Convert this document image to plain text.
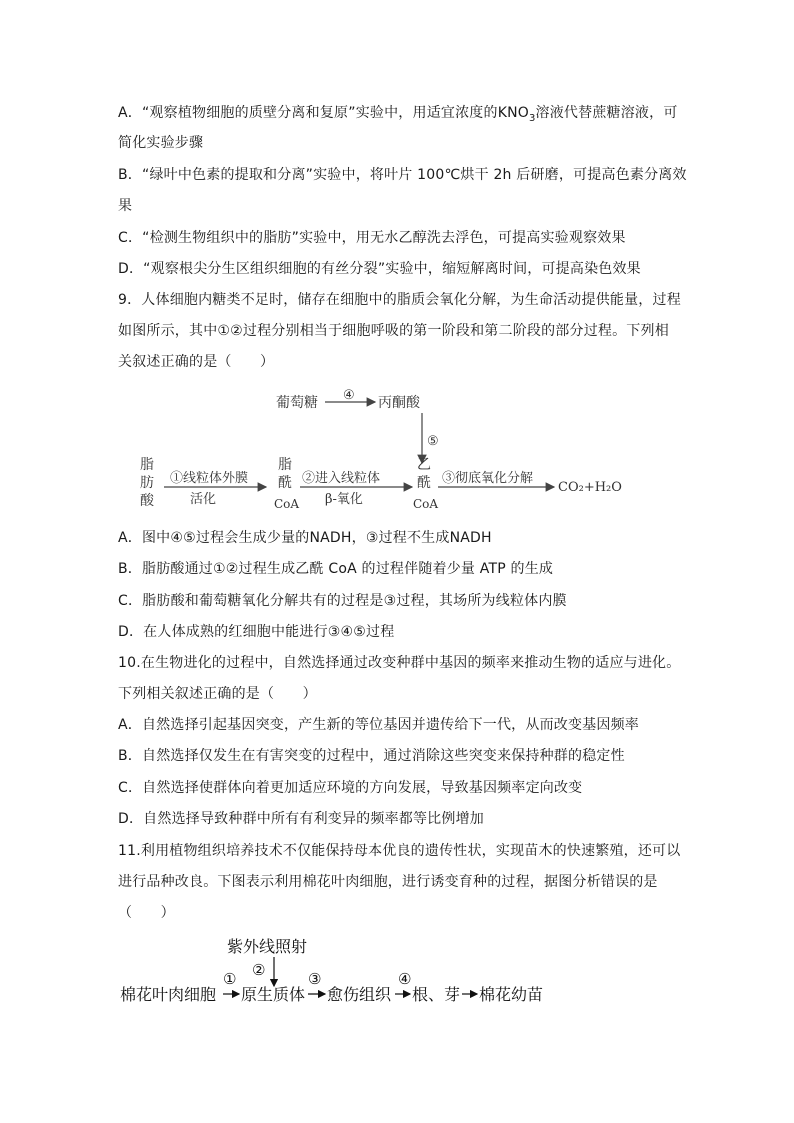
A．“观察植物细胞的质壁分离和复原”实验中，用适宜浓度的$KNO_3$溶液代替蔗糖溶液，可
简化实验步骤
B．“绿叶中色素的提取和分离”实验中，将叶片 100℃烘干 2h 后研磨，可提高色素分离效
果
C．“检测生物组织中的脂肪”实验中，用无水乙醇洗去浮色，可提高实验观察效果
D．“观察根尖分生区组织细胞的有丝分裂”实验中，缩短解离时间，可提高染色效果
9．人体细胞内糖类不足时，储存在细胞中的脂质会氧化分解，为生命活动提供能量，过程
如图所示，其中①②过程分别相当于细胞呼吸的第一阶段和第二阶段的部分过程。下列相
关叙述正确的是（　　）
葡萄糖 ④ 丙酮酸
⑤
脂
肪
酸
①线粒体外膜
活化
脂
酰
CoA
②进入线粒体
β-氧化
乙
酰
CoA
③彻底氧化分解
CO₂+H₂O
A．图中④⑤过程会生成少量的NADH，③过程不生成NADH
B．脂肪酸通过①②过程生成乙酰 CoA 的过程伴随着少量 ATP 的生成
C．脂肪酸和葡萄糖氧化分解共有的过程是③过程，其场所为线粒体内膜
D．在人体成熟的红细胞中能进行③④⑤过程
10.在生物进化的过程中，自然选择通过改变种群中基因的频率来推动生物的适应与进化。
下列相关叙述正确的是（　　）
A．自然选择引起基因突变，产生新的等位基因并遗传给下一代，从而改变基因频率
B．自然选择仅发生在有害突变的过程中，通过消除这些突变来保持种群的稳定性
C．自然选择使群体向着更加适应环境的方向发展，导致基因频率定向改变
D．自然选择导致种群中所有有利变异的频率都等比例增加
11.利用植物组织培养技术不仅能保持母本优良的遗传性状，实现苗木的快速繁殖，还可以
进行品种改良。下图表示利用棉花叶肉细胞，进行诱变育种的过程，据图分析错误的是
（　　）
紫外线照射
棉花叶肉细胞
① ②
原生质体
③
愈伤组织
④
根、芽 棉花幼苗
